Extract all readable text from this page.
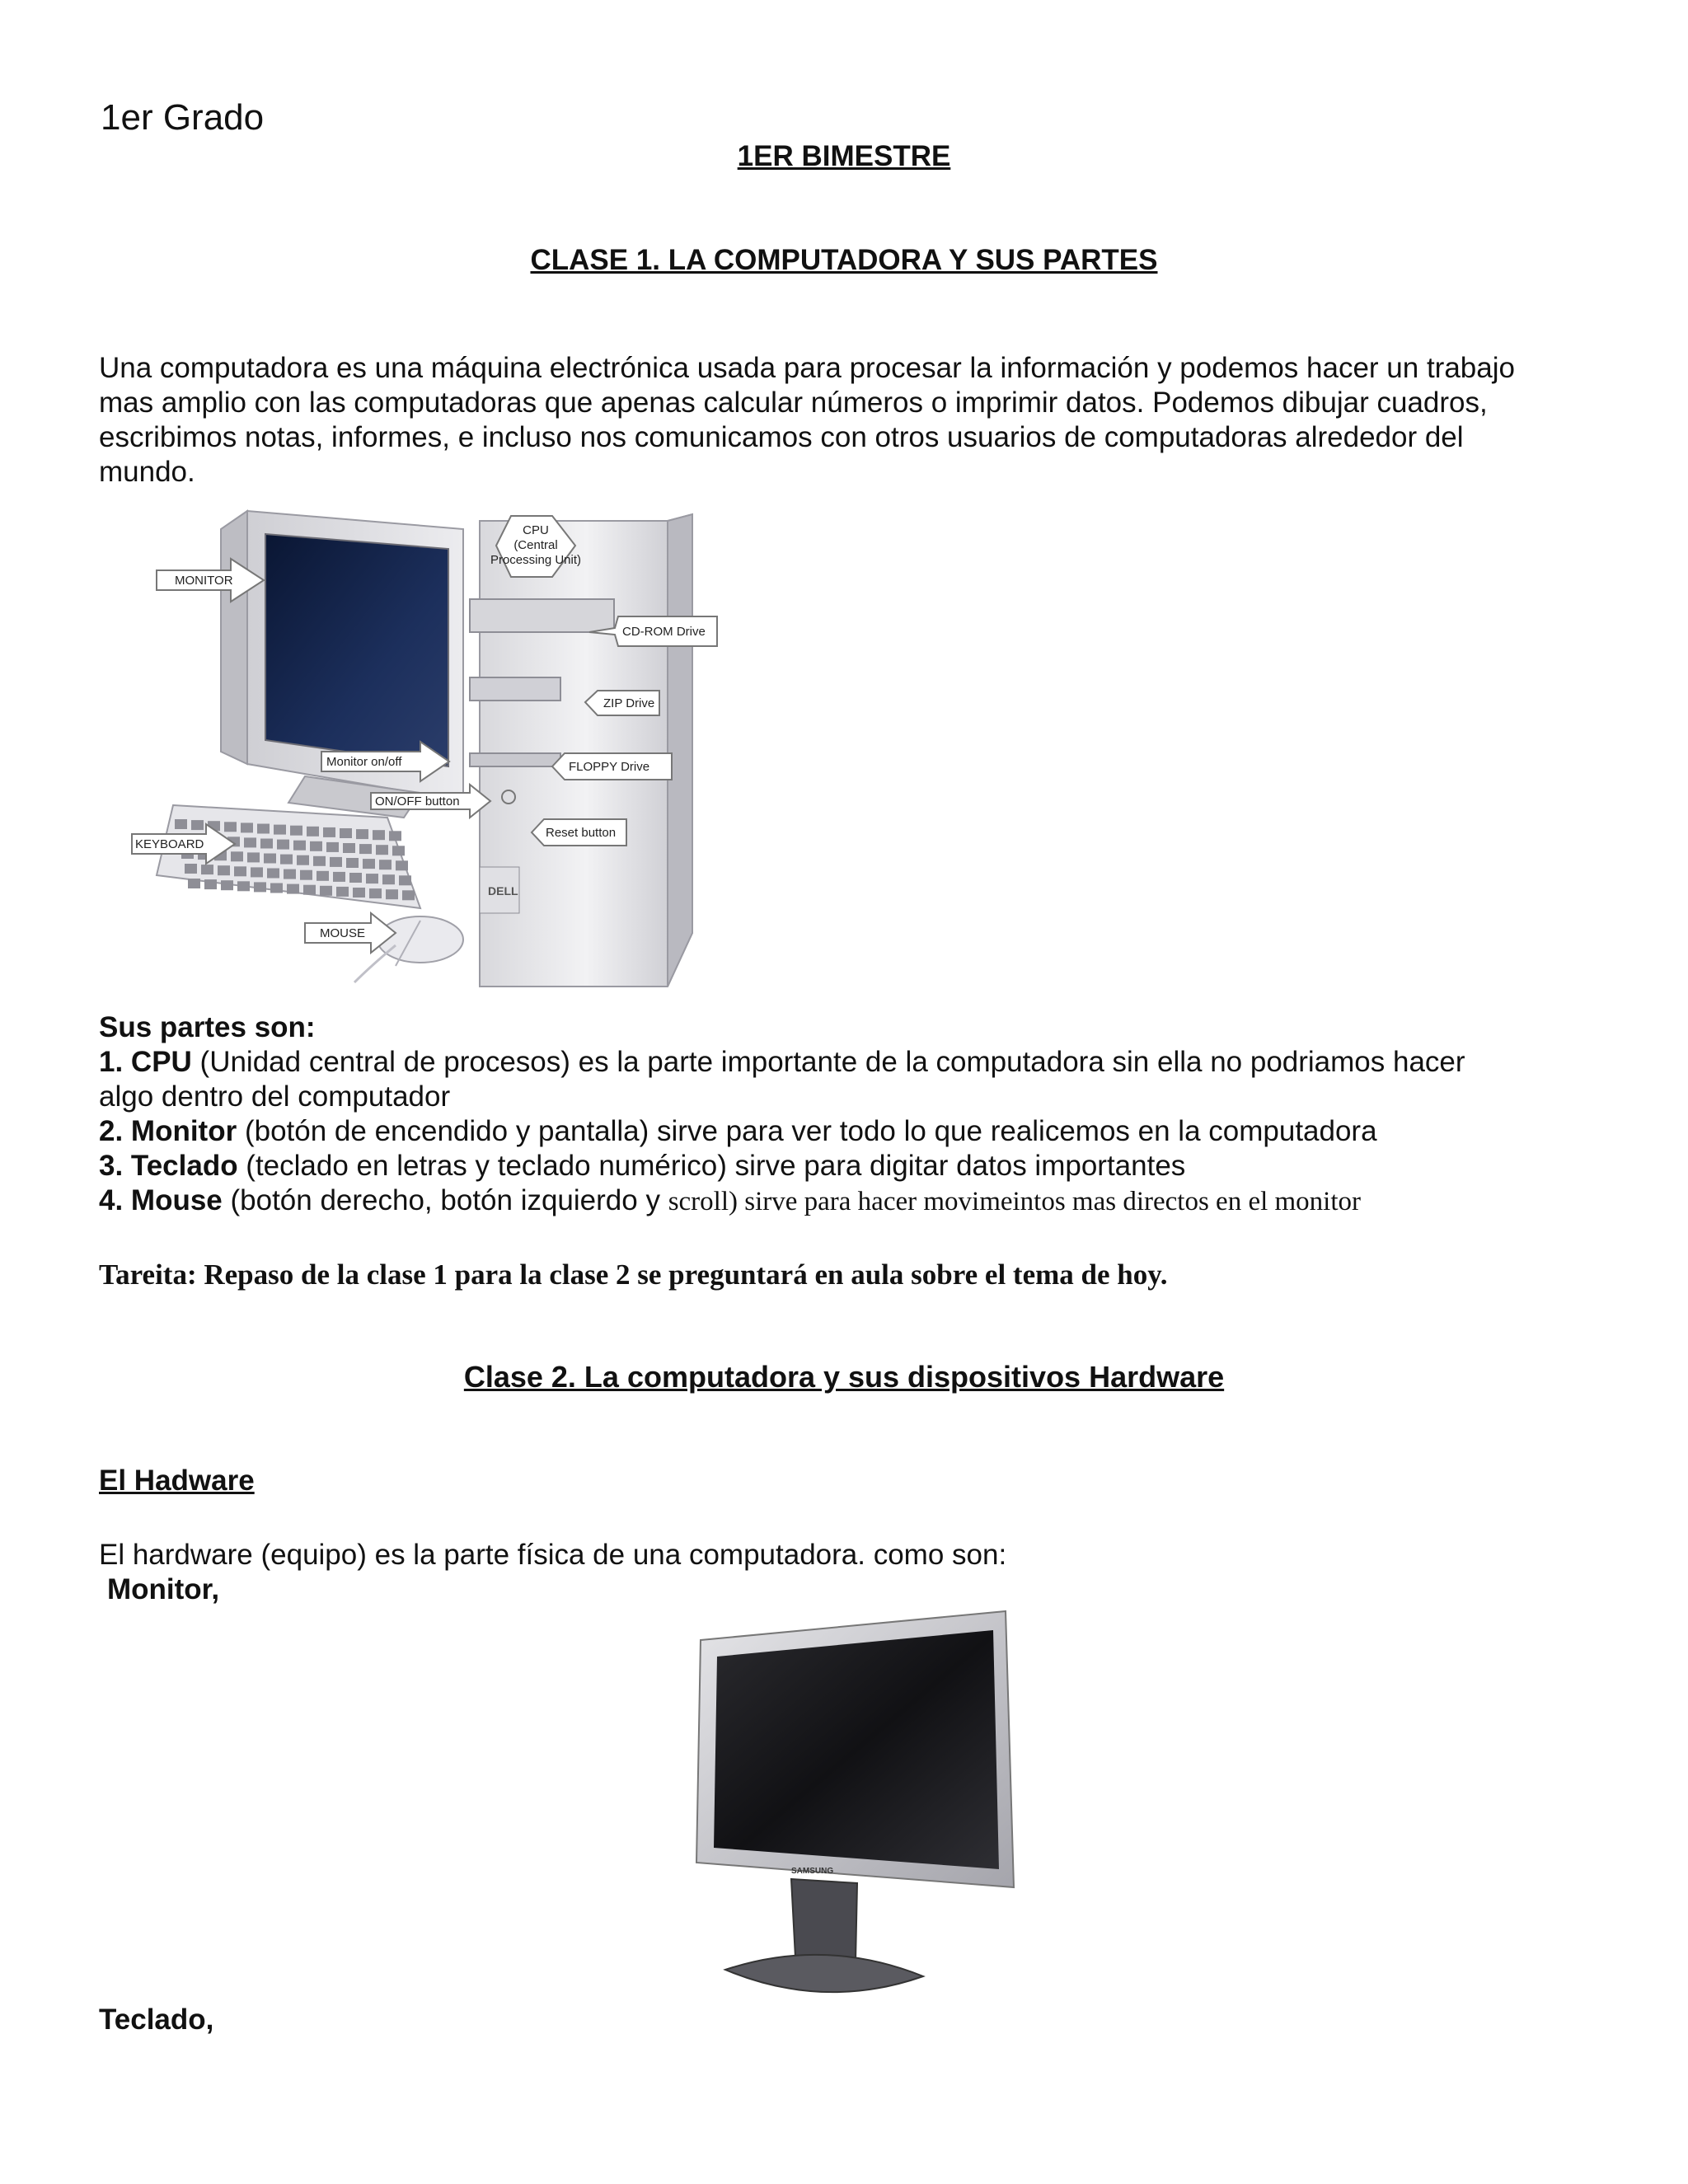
1er Grado
1ER BIMESTRE
CLASE 1. LA COMPUTADORA Y SUS PARTES
Una computadora es una máquina electrónica usada para procesar la información y podemos hacer un trabajo
mas amplio con las computadoras que apenas calcular números o imprimir datos. Podemos dibujar cuadros,
escribimos notas, informes, e incluso nos comunicamos con otros usuarios de computadoras alrededor del
mundo.
MONITOR
CPU
(Central
Processing Unit)
CD-ROM Drive
ZIP Drive
Monitor on/off	FLOPPY Drive
ON/OFF button
KEYBOARD
Reset button
MOUSE
DELL
Sus partes son:
1. CPU (Unidad central de procesos) es la parte importante de la computadora sin ella no podriamos hacer
algo dentro del computador
2. Monitor (botón de encendido y pantalla) sirve para ver todo lo que realicemos en la computadora
3. Teclado (teclado en letras y teclado numérico) sirve para digitar datos importantes
4. Mouse (botón derecho, botón izquierdo y scroll) sirve para hacer movimeintos mas directos en el monitor
Tareita: Repaso de la clase 1 para la clase 2 se preguntará en aula sobre el tema de hoy.
Clase 2. La computadora y sus dispositivos Hardware
El Hadware
El hardware (equipo) es la parte física de una computadora. como son:
Monitor,
SAMSUNG
Teclado,
